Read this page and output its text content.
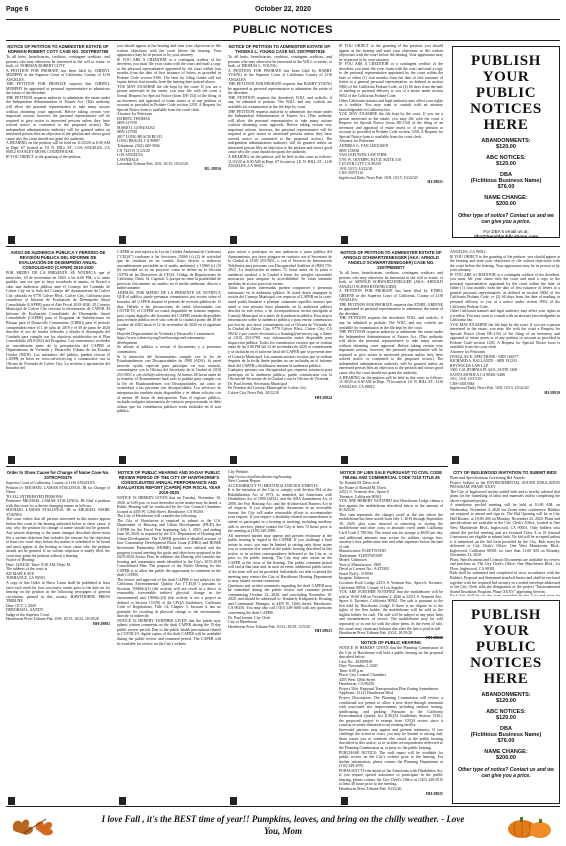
Page 6	October 22, 2020
PUBLIC NOTICES
NOTICE OF PETITION TO ADMINISTER ESTATE OF NORMAN ROBERT COTY CASE NO. 20STPB07789
To all heirs, beneficiaries, creditors, contingent creditors, and persons who may otherwise be interested in the will or estate, or both, of: NORMAN ROBERT COTY
A PETITION FOR PROBATE has been filed by CHERYL MURPHY in the Superior Court of California, County of LOS ANGELES.
THE PETITION FOR PROBATE requests that CHERYL MURPHY be appointed as personal representative to administer the estate of the decedent.
THE PETITION requests authority to administer the estate under the Independent Administration of Estates Act. (This authority will allow the personal representative to take many actions without obtaining court approval. Before taking certain very important actions, however, the personal representative will be required to give notice to interested persons unless they have waived notice or consented to the proposed action.) The independent administration authority will be granted unless an interested person files an objection to the petition and shows good cause why the court should not grant the authority.
A HEARING on the petition will be held on 11/23/20 at 8:30 AM in Dept. 67 located at 111 N. HILL ST., LOS ANGELES, CA 90012 STANLEY MOSK COURTHOUSE.
IF YOU OBJECT to the granting of the petition,
you should appear at the hearing and state your objections or file written objections with the court before the hearing. Your appearance may be in person or by your attorney.
IF YOU ARE A CREDITOR or a contingent creditor of the decedent, you must file your claim with the court and mail a copy to the personal representative appointed by the court within four months from the date of first issuance of letters as provided in Probate Code section 9100. The time for filing claims will not expire before four months from the hearing date noticed above.
YOU MAY EXAMINE the file kept by the court. If you are a person interested in the estate, you may file with the court a formal Request for Special Notice (form DE-154) of the filing of an inventory and appraisal of estate assets or of any petition or account as provided in Probate Code section 1250. A Request for Special Notice form is available from the court clerk.
Attorney for Petitioner
DARRYL THOMAS
SBN 217910
MARIO I. GONZALEZ
SBN 127930
4817 LONG BEACH BLVD.
LONG BEACH, CA 90807
Telephone: (562) 428-3566
CN 742515 11/23/20
LOS ANGELES
LAWNDALE
Lawndale Tribune Pub. 10/8, 10/15, 10/22/20
HL-28816
NOTICE OF PETITION TO ADMINISTER ESTATE OF: THOMAS L. YOUNG CASE NO. 20STPB07818
To all heirs, beneficiaries, creditors, contingent creditors, and persons who may otherwise be interested in the WILL or estate, or both, of THOMAS L. YOUNG.
A PETITION FOR PROBATE has been filed by BARRY YOUNG in the Superior Court of California, County of LOS ANGELES.
THE PETITION FOR PROBATE requests that BARRY YOUNG be appointed as personal representative to administer the estate of the decedent.
THE PETITION requests the decedent's WILL and codicils, if any, be admitted to probate. The WILL and any codicils are available for examination in the file kept by court.
THE PETITION requests authority to administer the estate under the Independent Administration of Estates Act. (This authority will allow the personal representative to take many actions without obtaining court approval. Before taking certain very important actions, however, the personal representative will be required to give notice to interested persons unless they have waived notice or consented to the proposed action.) The independent administration authority will be granted unless an interested person files an objection to the petition and shows good cause why the court should not grant the authority.
A HEARING on the petition will be held in this court as follows: 11/23/20 at 8:30 AM in Dept. 67 located at 111 N. HILL ST., LOS ANGELES, CA 90012
IF YOU OBJECT to the granting of the petition, you should appear at the hearing and state your objections or file written objections with the court before the hearing. Your appearance may be in person or by your attorney.
IF YOU ARE A CREDITOR or a contingent creditor of the decedent, you must file your claim with the court and mail a copy to the personal representative appointed by the court within the later of either (1) four months from the date of first issuance of letters to a general personal representative, as defined in section 58(b) of the California Probate Code, or (2) 60 days from the date of mailing or personal delivery to you of a notice under section 9052 of the California Probate Code.
Other California statutes and legal authority may affect your rights as a creditor. You may want to consult with an attorney knowledgeable in California law.
YOU MAY EXAMINE the file kept by the court. If you are a person interested in the estate, you may file with the court a Request for Special Notice (form DE-154) of the filing of an inventory and appraisal of estate assets or of any petition or account as provided in Probate Code section 1250. A Request for Special Notice form is available from the court clerk.
Attorney for Petitioner
ANDREA G. VAN LEEUWEN
SBN 153836
VAN LEEUWEN LAW FIRM
5701 W. OLYMPIC BLVD. SUITE 310
CULVER CITY CA 90230
10/8, 10/15, 10/22/20
CNS-3397111#
Ingelwood Daily News Pub. 10/8, 10/15, 10/22/20
HI-28821
PUBLISH
YOUR
PUBLIC
NOTICES
HERE
ABANDONMENTS:
$120.00
ABC NOTICES:
$120.00
DBA
(Fictitious Business Name)
$76.00
NAME CHANGE:
$200.00
Other type of notice? Contact us and we can give you a price.
For DBA's email us at:
dba@heraldpublications.com
AVISO DE AUDIENCIA PÚBLICA Y PERÍODO DE REVISIÓN PÚBLICA DEL INFORME DE EVALUACIÓN DE DESEMPEÑO ANUAL CONSOLIDADO (CAPER) 2019-2020
POR MEDIO DE LA PRESENTE SE NOTIFICA que el miércoles, 18 de noviembre de 2020, a las 6:00 PM, o lo antes posible, una vez que se haya escuchado el asunto, se llevará a cabo una audiencia pública ante el Consejo del Condado de Culver City en la Sala del Consejo del Ayuntamiento de Culver City, ubicada en 9770 Culver Blvd., Culver City, California para considerar el Informe de Evaluación de Desempeño Anual Consolidado (CAPER) para el Año Fiscal 2019-2020. El Consejo Municipal de Culver City revisará la información de CAPER. El Informe de Evaluación Consolidado de Desempeño Anual Consolidado (CAPER) para el Programa de Subvenciones en Bloque para el Desarrollo Comunitario (CDBG) para el período comprendido entre el 1 de julio de 2019 y el 30 de junio de 2020 describe el uso de fondos federales y detalla el desempeño del Condado para cumplir con los objetivos establecidos en el Plan Consolidado 2018-2023 del Programa. Los comentarios recibidos se considerarán antes de la presentación del CAPER al Departamento de Vivienda y Desarrollo Urbano de los Estados Unidos (HUD). Los miembros del público pueden revisar el CAPER en línea en www.culvercity.org o comunicarse con la Oficina de Vivienda de Culver City. La revisión y aprobación del borrador del
CAPER se está sujeta a la Ley de Calidad Ambiental de California ("CEQA") conforme a las Secciones 15060 (c) (2) de actividad que no resultará en un cambio físico directo o indirecto razonablemente previsible en el medio ambiente) y 15060 (c) (3) (la actividad no es un proyecto como se define en la Sección 15378) de las Directrices de CEQA, Código de Regulaciones de California, Título 14, Capítulo 3, porque no tiene la posibilidad de provocar físicamente un cambio en el medio ambiente, directa o indirectamente.
ADEMÁS, POR MEDIO DE LA PRESENTE SE NOTIFICA QUE el público puede presentar comentarios por escrito sobre el borrador del CAPER durante el periodo de revisión pública de 15 días. Debido a las precauciones de salud relacionadas con COVID-19, el CAPER no estará disponible en formato impreso, pero copias digitales del borrador del CAPER estarán disponibles para revisión pública en el sitio web de la ciudad a partir del 28 de octubre de 2020 hasta el 12 de noviembre de 2020 en el siguiente lugar:
Hoja del Departamento de Vivienda y Desarrollo Comunitario:
https://www.culvercity.org/live/housing-and-community-development
Se alienta al público a revisar el documento y a presentar comentarios.
Si la intención del Ayuntamiento cumplir con la ley de Estadounidenses con Discapacidades de 1990 (ADA). Si usted necesita ayuda especial para participar en esta reunión, comuníquese con la Oficina del Secretario de la Ciudad al (310) 253-5851 o city.clerk@culvercity.org. Al menos 48 horas antes de la reunión, el Ayuntamiento hará todo lo posible para cumplir con la ley de Estadounidenses con Discapacidades, así como se acomodará a las personas con discapacidades. Los servicios de interpretación también están disponibles y se deben solicitar con al menos 48 horas de anticipación. Para el registro público, incluida cualquier información de contacto proporcionada, se debe aclarar que los comentarios públicos serán incluidos en el acta pública.
para asistir o participar en una audiencia o junta pública del Ayuntamiento, por favor póngase en contacto con el Secretario de la Ciudad al (310) 253-5851, o con el Servicio de Información Telefónica para personas con Discapacidad Auditiva al (800) 735-2922. La notificación al menos 72 horas antes de la junta o audiencia ayudará a la Ciudad a hacer los arreglos razonables necesarios para asegurar la accesibilidad. Se están tomando medidas de acceso para este evento.
Todas las partes interesadas pueden comparecer y presentar testimonio en la audiencia pública. Si usted desea impugnar la acción del Consejo Municipal con respecto al CAPER en la corte, usted podrá limitarse a plantear solamente aquellos asuntos que usted u otra persona haya planteado en la audiencia pública descrita en este aviso, o en correspondencia escrita entregada al Consejo Municipal en o antes de la audiencia pública. Para mayor información sobre la audiencia pública o para enviar comentarios por escrito, por favor comuníquese con la Oficina de Vivienda de la Ciudad de Culver City, 9770 Culver Blvd., Culver City, CA 90232 o por correo electrónico a housing@culvercity.org, o llame al (310) 253-5780, esta información estará disponible para inspección pública. Todos los comentarios escritos que se reciban antes de las 5:00 PM del 12 de noviembre de 2020 se considerarán y se incluirán en el informe final del CAPER que se presente ante el Consejo Municipal. Las comunicaciones escritas que se reciban después de la fecha límite pueden no ser incluidas en el informe final del CAPER o distribuirse durante la audiencia pública.
Cualquier persona con discapacidad que requiera asistencia para participar en la audiencia pública, puede comunicarse con la Oficina del Secretario de la Ciudad o con la Oficina de Vivienda.
Dr. Paul Jeremi, Secretario Municipal
En Nombre del Consejo Municipal de Culver City
Culver City News Pub. 10/22/20
HH-28824
NOTICE OF PETITION TO ADMINISTER ESTATE OF ARNOLD SCHWARTZENEGGER (AKA: ARNOLD ANGELO SCHWARTZENEGGER) CASE NO. 20STPB08077
To all heirs, beneficiaries, creditors, contingent creditors, and persons who may otherwise be interested in the will or estate, or both, of ARNOLD SCHWARTZENEGGER (AKA: ARNOLD ANGELO SCHWARTZENEGGER).
A PETITION FOR PROBATE has been filed by ETHEL GREENE in the Superior Court of California, County of LOS ANGELES.
THE PETITION FOR PROBATE requests that ETHEL GREENE be appointed as personal representative to administer the estate of the decedent.
THE PETITION requests the decedent's WILL and codicils, if any, be admitted to probate. The WILL and any codicils are available for examination in the file kept by the court.
THE PETITION requests authority to administer the estate under the Independent Administration of Estates Act. (This authority will allow the personal representative to take many actions without obtaining court approval. Before taking certain very important actions, however, the personal representative will be required to give notice to interested persons unless they have waived notice or consented to the proposed action.) The independent administration authority will be granted unless an interested person files an objection to the petition and shows good cause why the court should not grant the authority.
A HEARING on the petition will be held in this court as follows: 11/30/20 at 8:30 AM in Dept. 79 located at 111 N. HILL ST., LOS ANGELES, CA 90012
ANGELES, CA 90012
IF YOU OBJECT to the granting of the petition, you should appear at the hearing and state your objections or file written objections with the court before the hearing. Your appearance may be in person or by your attorney.
IF YOU ARE A CREDITOR or a contingent creditor of the decedent, you must file your claim with the court and mail a copy to the personal representative appointed by the court within the later of either (1) four months from the date of first issuance of letters to a general personal representative, as defined in section 58(b) of the California Probate Code, or (2) 60 days from the date of mailing or personal delivery to you of a notice under section 9052 of the California Probate Code.
Other California statutes and legal authority may affect your rights as a creditor. You may want to consult with an attorney knowledgeable in California law.
YOU MAY EXAMINE the file kept by the court. If you are a person interested in the estate, you may file with the court a Request for Special Notice (form DE-154) of the filing of an inventory and appraisal of estate assets or of any petition or account as provided in Probate Code section 1250. A Request for Special Notice form is available from the court clerk.
Attorney for Petitioner
DOUGLAS K. SPECTRINE - SBN 166377
RICHARD A. BALLANTE - SBN 191253
REYNOLDS LAW LLP
1901 CALIFORNIA PLAZA, SUITE 1400
SANTA MONICA CA 90401-3406
10/1, 10/8, 10/15/20
CNS-3401394#
Ingelwood Daily News Pub. 10/8, 10/15, 10/22/20
HI-28819
Order to Show Cause for Change of Name Case No. 20TRCP00375
Superior Court of California, County of LOS ANGELES
Petition of: MICHAEL LAMAR STALLINGS, JR for Change of Name
TO ALL INTERESTED PERSONS:
Petitioner MICHAEL LAMAR STALLINGS, JR filed a petition with this court for a decree changing names as follows:
MICHAEL LAMAR STALLINGS, JR to MICHAEL MARK YOUNES
The court orders that all persons interested in this matter appear before this court at the hearing indicated below to show cause, if any, why the petition for change of name should not be granted. Any person objecting to the name changes described above must file a written objection that includes the reasons for the objection at least two court days before the matter is scheduled to be heard and must appear at the hearing to show cause why the petition should not be granted. If no written objection is timely filed, the court may grant the petition without a hearing.
Notice of Hearing:
Date: 12/04/20, Time: 8:30 AM, Dept. M
The address of the court is
825 MAPLE AVE
TORRANCE, CA 90503
A copy of this Order to Show Cause shall be published at least once each week for four successive weeks prior to the date set for hearing on the petition in the following newspaper of general circulation, printed in this county: HAWTHORNE PRESS TRIBUNE
Date: OCT 1, 2020
DEBORAH L. SANDY
Judge of the Superior Court
Hawthorne Press Tribune Pub. 10/8, 10/15, 10/22, 10/29/20
HH-28802
NOTICE OF PUBLIC HEARING AND 30-DAY PUBLIC REVIEW PERIOD OF THE CITY OF HAWTHORNE'S CONSOLIDATED ANNUAL PERFORMANCE AND EVALUATION REPORT (CAPER) FOR FISCAL YEAR 2019-2020
NOTICE IS HEREBY GIVEN that on Tuesday, November 10, 2020, at 6:00 p.m. or soon thereafter as the matter may be heard, a Public Hearing will be conducted by the City Council Chambers located at 4455 W. 126th Street, Hawthorne, CA 90250.
The City of Hawthorne will consider the following:
The City of Hawthorne is required to submit to the U.S. Department of Housing and Urban Development (HUD) the CAPER for the Fiscal Year beginning July 1, 2019, and ending June 30, 2020, as required by the U.S. Department of Housing and Urban Development. The CAPER provides a detailed account of how Community Development Block Grant (CDBG) and HOME Investment Partnership (HOME) funds were utilized and the progress toward meeting the goals and objectives proposed in the 2019-2020 Action Plan. In addition, the Hearing will consider the housing and community needs identified in the City's 2015-2019 Consolidated Plan. The purpose of the Public Hearing for the CAPER is to allow the public the opportunity to comment on the draft CAPER.
The review and approval of the draft CAPER is not subject to the California Environmental Quality Act ("CEQA") pursuant to Sections 15060(c)(2) (the activity will not result in a direct or reasonably foreseeable indirect physical change in the environment) and 15060(c)(3) (the activity is not a project as defined in Section 15378) of the CEQA Guidelines, California Code of Regulations, Title 14, Chapter 3, because it has no potential for resulting in physical change to the environment, directly or indirectly.
NOTICE IS HEREBY FURTHER GIVEN that the public may submit written comments on the draft CAPER during the 15-day public review period. Due to the public health precautions related to COVID-19, digital copies of the draft CAPER will be available during the public review and comment period. The CAPER will be available for review on the City's website.
City Website:
http://www.cityofhawthorne.org/housing
New Content Report
ACCESSIBILITY TO MEETINGS AND DOCUMENTS
It is the intention of the City to comply with Section 504 of the Rehabilitation Act of 1973, as amended, the Americans with Disabilities Act of 1990 (ADA), and the ADA Amendment Act of 2008, the Fair Housing Act, and the Architectural Barriers Act in all respects. If you require public documents in an accessible format, the City will make reasonable efforts to accommodate your request. If you require a disability-related accommodation to attend or participate in a hearing or meeting, including auxiliary aids or services, please contact the City at least 72 hours prior to the meeting at (310) 349-2980.
All interested parties may appear and present testimony at the public hearing in regard to the CAPER. If you challenge a final action in court, you may be limited to raising only those issues you or someone else raised at the public hearing described in this notice, or in written correspondence delivered to the City at, or prior to, the public hearing. The City may take action on the CAPER at the close of the hearing. The public comment period will end at that time and, in such an event, additional public notice of the item will not be provided. Individuals not able to attend the meeting may contact the City of Hawthorne Housing Department or may submit written comments.
Questions and written comments regarding the draft CAPER may be submitted during the public review and comment period commencing October 22, 2020, and concluding November 10, 2020, and should be addressed to: Kimberly Kirkpatrick, Housing and Community Manager, at 4455 W. 126th Street, Hawthorne, CA 90250. You may also call (310) 349-1600 with any questions concerning the draft CAPER.
Dr. Paul Jeremi, City Clerk
City of Hawthorne
Hawthorne Press Tribune Pub. 10/22, 10/29, 11/5/20
HH-28823
NOTICE OF LIEN SALE PURSUANT TO CIVIL CODE 798.56a AND COMMERCIAL CODE 7210 TITLE 25
To: Ronald M. Davis et al.
the Estate of Ronald M. Davis
22511 S. Vermont Ave., Space 6
Torrance, California 90502
YOU ARE HEREBY NOTIFIED that Hawthorne Lodge claims a lien against the mobilehome described below in the amount of $1,820.00.
This sum represents the charges owed at the site where the mobilehome has been stored from July 1, 2019 through September 30, 2020, plus costs incurred in removing or storing the mobilehome and other costs or amounts owed under California Civil Code § 798.56a. The rental rate for storage is $8.00 per day, and additional amounts may accrue for utilities, storage fees, attorney's fees, publication fees and other expenses before the date of sale.
Manufacturer: FLEETWOOD
Tradename: FLEETWOOD
Model: Unknown
Year of Manufacture: 1969
Decal or License No.: AAT3302
Serial No(s).: 319050
Insignia: Unknown
Location: Koch Lodge, 22511 S. Vermont Ave., Space 6, Torrance, California 90502, County of Los Angeles
YOU ARE FURTHER NOTIFIED that the mobilehome will be sold at 10:00 AM on November 2, 2020 at 22511 S. Vermont Ave., Space 6, Torrance, California 90502. The sale is pursuant to the lien held by Hawthorne Lodge. If there is no dispute as to the rights of the lien holder, the mobilehome will be sold to the highest bidder for cash. The sale will be subject to any prior liens and encumbrances of record. The mobilehome may be sold separately or in one lot with the other items. In the event of sale, the owner may claim any balance due after the lien is paid in full.
Hawthorne Press Tribune Pub. 10/22, 10/29/20
HH-28822
CITY OF INGLEWOOD INVITATION TO SUBMIT BIDS
Plans and Specifications Governing Bid Awards
Project Subject to the ENVIRONMENTAL SOUND INSULATION PROGRAM, PHASE XXXV
The City of Inglewood invites sealed bids and is hereby advised that plans for the furnishing of labor and materials and/or completing the above captioned project.
A mandatory pre-bid meeting will be held at 10:00 AM. on Wednesday, November 4, 2020 via Zoom video conference. Bidders are required to attend and sign in. The Bid Opening will be at City Hall Rooms, at 10:00 AM on Monday, November 23, 2020. Plans and specifications are available at the City Clerk's Office, located at One West Manchester Blvd., Inglewood, CA 90301. Only bidders who attend the pre-bid meeting and are licensed Class A or B General Contractors are eligible to submit bids. No bid will be accepted unless it is submitted on the bid form provided by the City. Bids must be delivered to City Clerk's Office, One West Manchester Blvd., Inglewood, California 90301, no later than 11:00 AM on Monday, November 23, 2020.
Plans, Specifications and Contract Documents are available for review and purchase at: The City Clerk's Office, One Manchester Blvd., 1st Floor, Inglewood, CA 90301.
Bids shall be submitted and completed in strict accordance with the Bidder's Proposal and Statement attached hereto and shall be enclosed together with the required bid security in a sealed envelope addressed to the City Clerk with the designation of the project "Environmental Sound Insulation Program, Phase XXXV" appearing thereon.

NOTICE OF PUBLIC HEARING
NOTICE IS HEREBY GIVEN that the Planning Commission of the City of Hawthorne will hold a public hearing on the proposal described below:
Case No.: 2020PH38
Date: November 4, 2020
Time: 6:00 p.m.
Place: City Council Chambers
4455 West 126th Street
Hawthorne, CA 90250
Project Title: Regional Transportation Plan Zoning Amendment
Applicant: 12121 Hawthorne Blvd.
Project Description: The Planning Commission will review a conditional use permit to allow a new drive-through restaurant with associated site improvements including outdoor seating, landscaping, and parking. Pursuant to the California Environmental Quality Act (CEQA) Guidelines Section 15301, the proposed project is exempt from CEQA review since it consists of minor alteration to an existing facility.
Interested persons may appear and present testimony. If you challenge the action in court, you may be limited to raising only those issues you or someone else raised at the public hearing described in this notice, or in written correspondence delivered to the Planning Commission at, or prior to, the public hearing.
PURCHASE NOTICE: The staff report will be available for public review on the City's website prior to the hearing. For further information, please contact the Planning Department at (310) 349-2970.
PURSUANT TO the intent of the Americans with Disabilities Act, if you require special assistance to participate in the public hearing, please contact the City Clerk's Office at (310) 349-2915 at least 48 hours prior to the meeting.
Hawthorne Press Tribune Pub. 10/22/20
HH-28825
PUBLISH
YOUR
PUBLIC
NOTICES
HERE
ABANDONMENTS:
$120.00
ABC NOTICES:
$120.00
DBA
(Fictitious Business Name)
$76.00
NAME CHANGE:
$200.00
Other type of notice? Contact us and we can give you a price.
I love Fall , it's the BEST time of year!! Pumpkins, leaves, and bring on the chilly weather. - Love You, Mom
